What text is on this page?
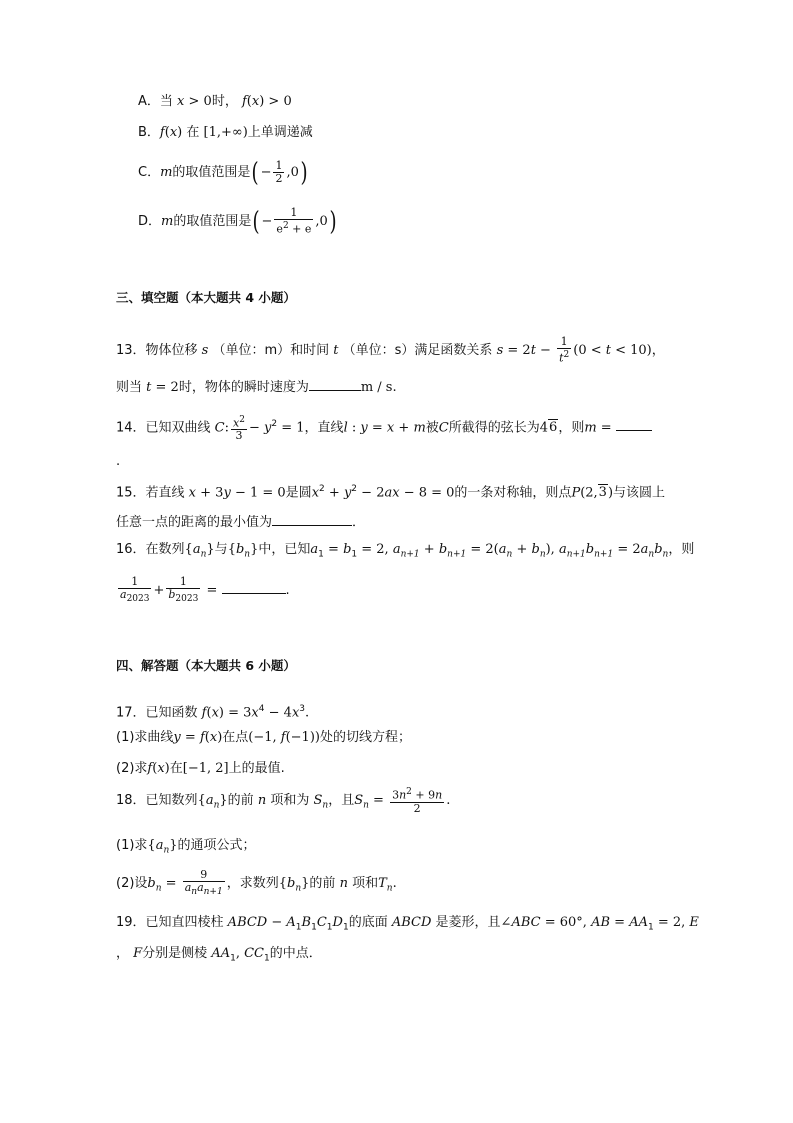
A．当 x > 0时， f(x) > 0
B．f(x) 在 [1,+∞)上单调递减
C．m的取值范围是( − $\frac{1}{2} ,0$)
D．m的取值范围是( − $\frac{1}{e^2 + e} ,0$)
三、填空题（本大题共 4 小题）
13．物体位移 s （单位：m）和时间 t （单位：s）满足函数关系 $s = 2t - \frac{1}{t^2} (0 < t < 10)$，
则当 t = 2时，物体的瞬时速度为	m / s.
14．已知双曲线 C: $\frac{x^2}{3} - y^2 = 1$，直线l : y = x + m被C所截得的弦长为46，则m =
.
15．若直线 x + 3y − 1 = 0是圆$x^2 + y^2 - 2ax - 8 = 0$的一条对称轴，则点P(2,3)与该圆上
任意一点的距离的最小值为	．
16．在数列$\{a_n\}$与$\{b_n\}$中，已知$a_1 = b_1 = 2$, $a_{n+1} + b_{n+1} = 2(a_n + b_n)$, $a_{n+1}b_{n+1} = 2a_nb_n$，则
$\frac{1}{a_{2023}} + \frac{1}{b_{2023}}$ =	.
四、解答题（本大题共 6 小题）
17．已知函数 $f(x) = 3x^4 - 4x^3$.
(1)求曲线y = f(x)在点(−1, f(−1))处的切线方程；
(2)求f(x)在[−1, 2]上的最值.
18．已知数列$\{a_n\}$的前 n 项和为 $S_n$，且$S_n = \frac{3n^2 + 9n}{2}$ .
(1)求$\{a_n\}$的通项公式；
(2)设$b_n = \frac{9}{a_na_{n+1}}$ ，求数列$\{b_n\}$的前 n 项和$T_n$.
19．已知直四棱柱 ABCD − $A_1B_1C_1D_1$的底面 ABCD 是菱形，且∠ABC = 60°, AB = $AA_1 = 2$, E
， F分别是侧棱 $AA_1$, $CC_1$的中点．
